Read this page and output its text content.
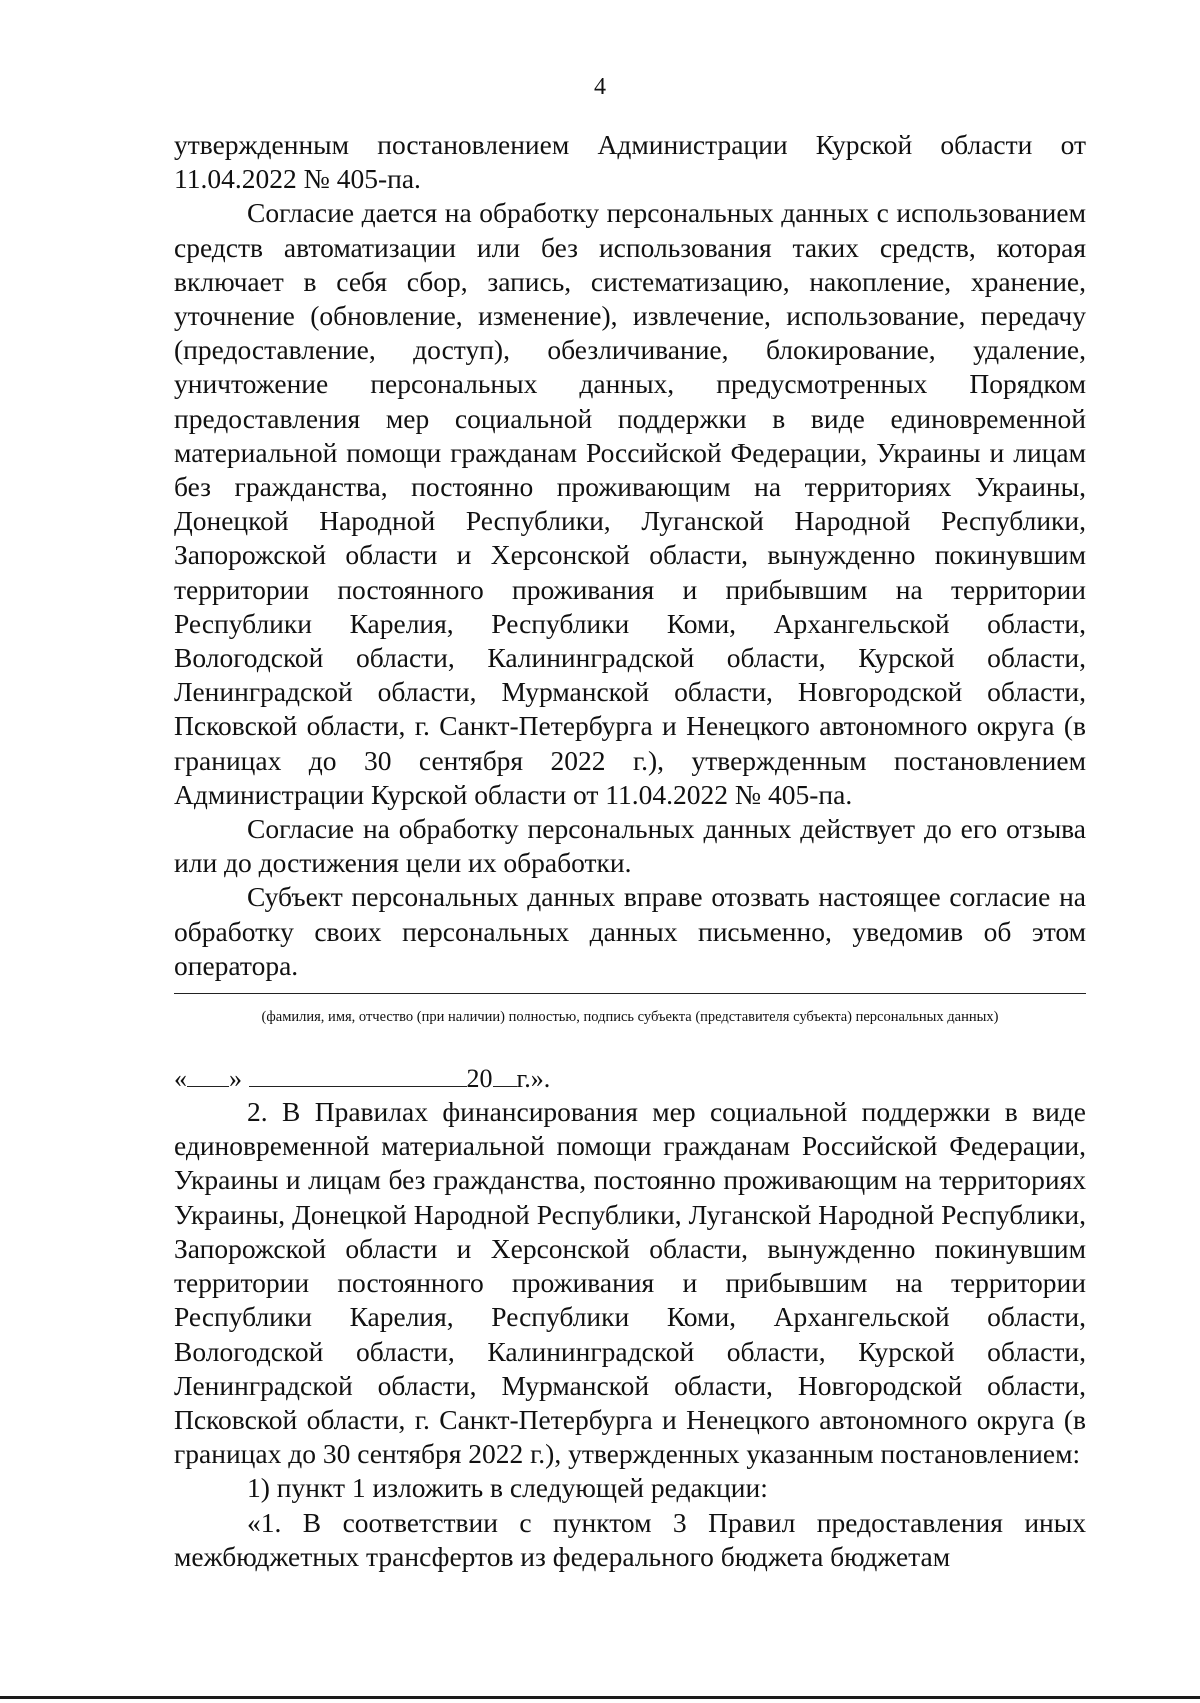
4

утвержденным постановлением Администрации Курской области от 11.04.2022 № 405-па.

Согласие дается на обработку персональных данных с использованием средств автоматизации или без использования таких средств, которая включает в себя сбор, запись, систематизацию, накопление, хранение, уточнение (обновление, изменение), извлечение, использование, передачу (предоставление, доступ), обезличивание, блокирование, удаление, уничтожение персональных данных, предусмотренных Порядком предоставления мер социальной поддержки в виде единовременной материальной помощи гражданам Российской Федерации, Украины и лицам без гражданства, постоянно проживающим на территориях Украины, Донецкой Народной Республики, Луганской Народной Республики, Запорожской области и Херсонской области, вынужденно покинувшим территории постоянного проживания и прибывшим на территории Республики Карелия, Республики Коми, Архангельской области, Вологодской области, Калининградской области, Курской области, Ленинградской области, Мурманской области, Новгородской области, Псковской области, г. Санкт-Петербурга и Ненецкого автономного округа (в границах до 30 сентября 2022 г.), утвержденным постановлением Администрации Курской области от 11.04.2022 № 405-па.

Согласие на обработку персональных данных действует до его отзыва или до достижения цели их обработки.

Субъект персональных данных вправе отозвать настоящее согласие на обработку своих персональных данных письменно, уведомив об этом оператора.

(фамилия, имя, отчество (при наличии) полностью, подпись субъекта (представителя субъекта) персональных данных)
« »	20 г.».

2. В Правилах финансирования мер социальной поддержки в виде единовременной материальной помощи гражданам Российской Федерации, Украины и лицам без гражданства, постоянно проживающим на территориях Украины, Донецкой Народной Республики, Луганской Народной Республики, Запорожской области и Херсонской области, вынужденно покинувшим территории постоянного проживания и прибывшим на территории Республики Карелия, Республики Коми, Архангельской области, Вологодской области, Калининградской области, Курской области, Ленинградской области, Мурманской области, Новгородской области, Псковской области, г. Санкт-Петербурга и Ненецкого автономного округа (в границах до 30 сентября 2022 г.), утвержденных указанным постановлением:

1) пункт 1 изложить в следующей редакции:

«1. В соответствии с пунктом 3 Правил предоставления иных межбюджетных трансфертов из федерального бюджета бюджетам
